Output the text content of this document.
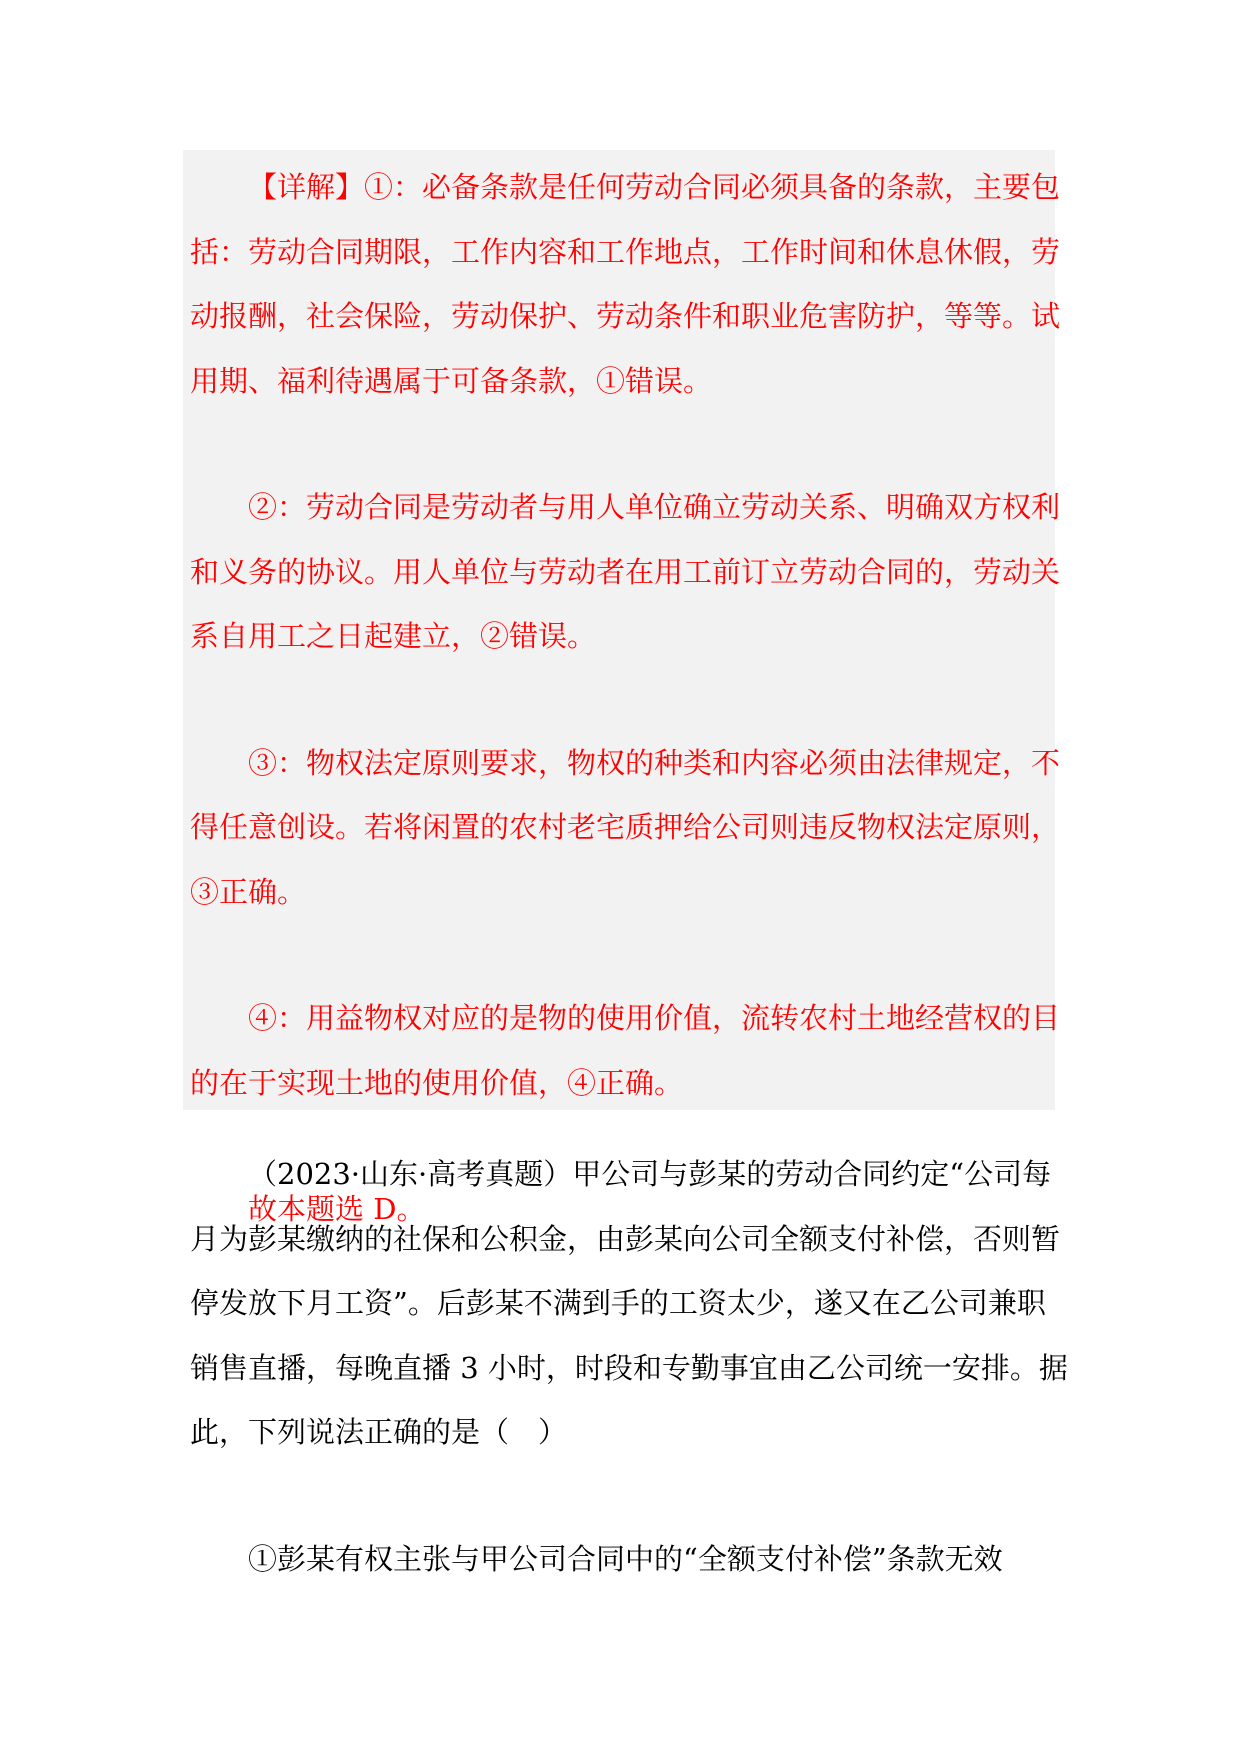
【详解】①：必备条款是任何劳动合同必须具备的条款，主要包括：劳动合同期限，工作内容和工作地点，工作时间和休息休假，劳动报酬，社会保险，劳动保护、劳动条件和职业危害防护，等等。试用期、福利待遇属于可备条款，①错误。

②：劳动合同是劳动者与用人单位确立劳动关系、明确双方权利和义务的协议。用人单位与劳动者在用工前订立劳动合同的，劳动关系自用工之日起建立，②错误。

③：物权法定原则要求，物权的种类和内容必须由法律规定，不得任意创设。若将闲置的农村老宅质押给公司则违反物权法定原则，③正确。

④：用益物权对应的是物的使用价值，流转农村土地经营权的目的在于实现土地的使用价值，④正确。

故本题选 D。

（2023·山东·高考真题）甲公司与彭某的劳动合同约定“公司每月为彭某缴纳的社保和公积金，由彭某向公司全额支付补偿，否则暂停发放下月工资”。后彭某不满到手的工资太少，遂又在乙公司兼职销售直播，每晚直播 3 小时，时段和专勤事宜由乙公司统一安排。据此，下列说法正确的是（　）

①彭某有权主张与甲公司合同中的“全额支付补偿”条款无效
